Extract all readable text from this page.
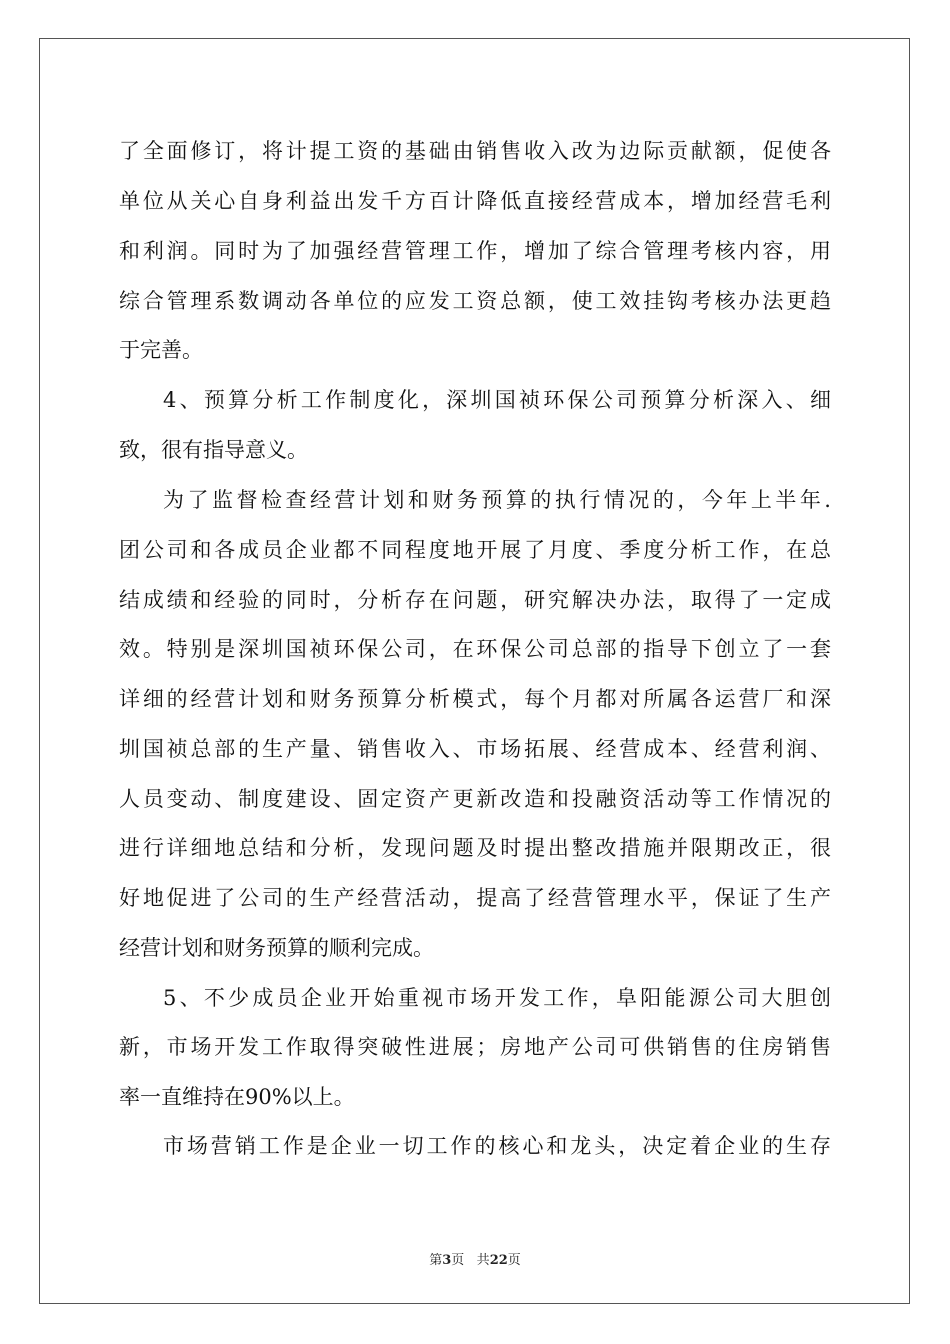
了全面修订，将计提工资的基础由销售收入改为边际贡献额，促使各
单位从关心自身利益出发千方百计降低直接经营成本，增加经营毛利
和利润。同时为了加强经营管理工作，增加了综合管理考核内容，用
综合管理系数调动各单位的应发工资总额，使工效挂钩考核办法更趋
于完善。
4、预算分析工作制度化，深圳国祯环保公司预算分析深入、细
致，很有指导意义。
为了监督检查经营计划和财务预算的执行情况的，今年上半年.
团公司和各成员企业都不同程度地开展了月度、季度分析工作，在总
结成绩和经验的同时，分析存在问题，研究解决办法，取得了一定成
效。特别是深圳国祯环保公司，在环保公司总部的指导下创立了一套
详细的经营计划和财务预算分析模式，每个月都对所属各运营厂和深
圳国祯总部的生产量、销售收入、市场拓展、经营成本、经营利润、
人员变动、制度建设、固定资产更新改造和投融资活动等工作情况的
进行详细地总结和分析，发现问题及时提出整改措施并限期改正，很
好地促进了公司的生产经营活动，提高了经营管理水平，保证了生产
经营计划和财务预算的顺利完成。
5、不少成员企业开始重视市场开发工作，阜阳能源公司大胆创
新，市场开发工作取得突破性进展；房地产公司可供销售的住房销售
率一直维持在90%以上。
市场营销工作是企业一切工作的核心和龙头，决定着企业的生存
第3页 共22页
